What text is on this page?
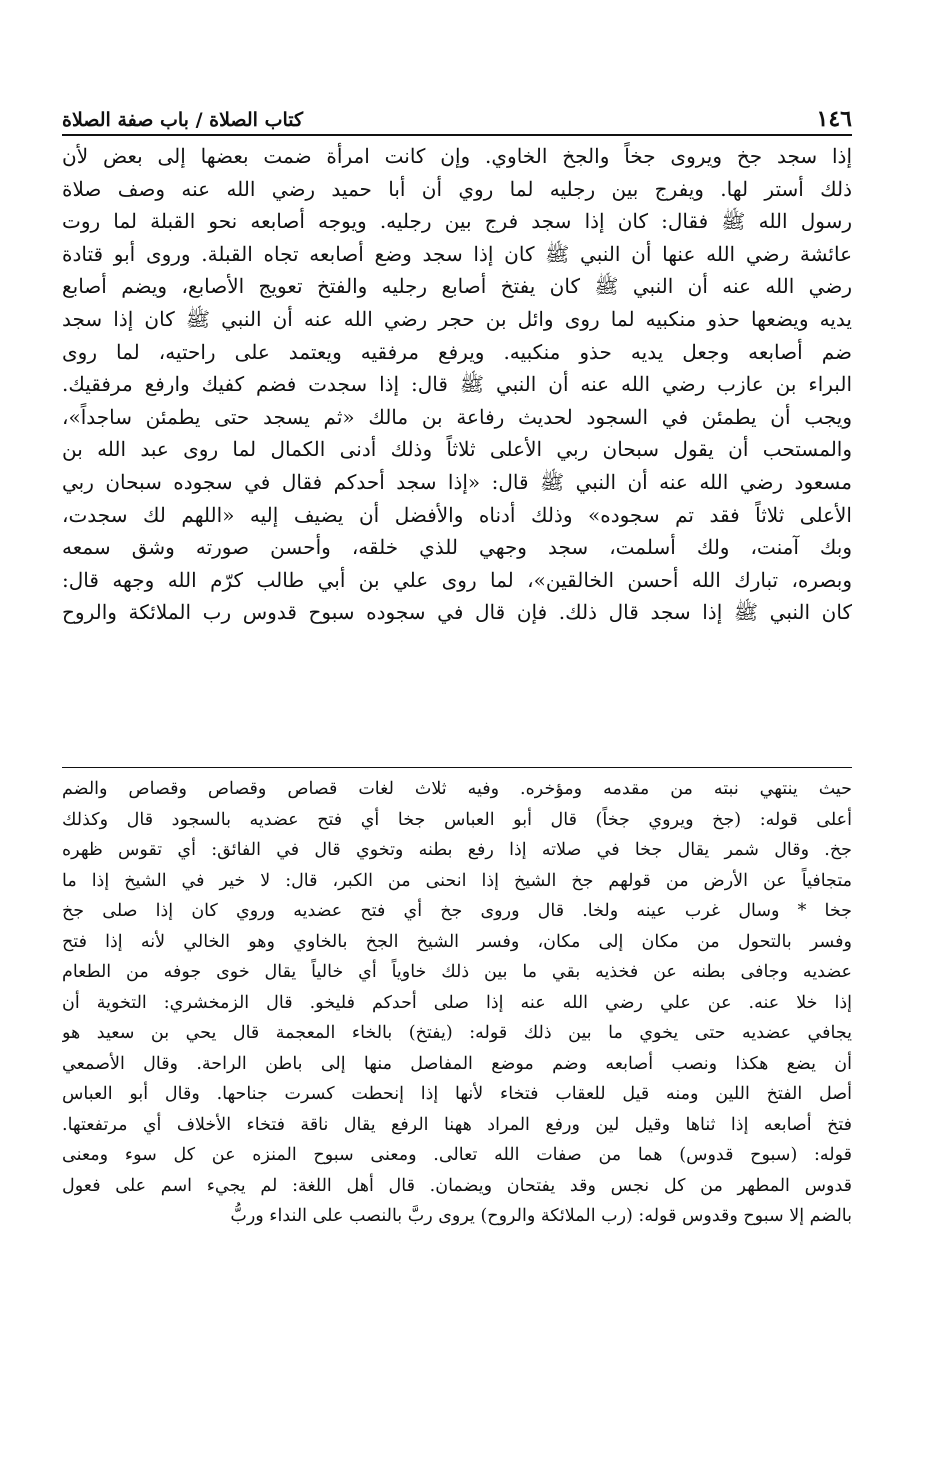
١٤٦
كتاب الصلاة / باب صفة الصلاة
إذا سجد جخ ويروى جخاً والجخ الخاوي. وإن كانت امرأة ضمت بعضها إلى بعض لأن
ذلك أستر لها. ويفرج بين رجليه لما روي أن أبا حميد رضي الله عنه وصف صلاة
رسول الله ﷺ فقال: كان إذا سجد فرج بين رجليه. ويوجه أصابعه نحو القبلة لما روت
عائشة رضي الله عنها أن النبي ﷺ كان إذا سجد وضع أصابعه تجاه القبلة. وروى أبو قتادة
رضي الله عنه أن النبي ﷺ كان يفتخ أصابع رجليه والفتخ تعويج الأصابع، ويضم أصابع
يديه ويضعها حذو منكبيه لما روى وائل بن حجر رضي الله عنه أن النبي ﷺ كان إذا سجد
ضم أصابعه وجعل يديه حذو منكبيه. ويرفع مرفقيه ويعتمد على راحتيه، لما روى
البراء بن عازب رضي الله عنه أن النبي ﷺ قال: إذا سجدت فضم كفيك وارفع مرفقيك.
ويجب أن يطمئن في السجود لحديث رفاعة بن مالك «ثم يسجد حتى يطمئن ساجداً»،
والمستحب أن يقول سبحان ربي الأعلى ثلاثاً وذلك أدنى الكمال لما روى عبد الله بن
مسعود رضي الله عنه أن النبي ﷺ قال: «إذا سجد أحدكم فقال في سجوده سبحان ربي
الأعلى ثلاثاً فقد تم سجوده» وذلك أدناه والأفضل أن يضيف إليه «اللهم لك سجدت،
وبك آمنت، ولك أسلمت، سجد وجهي للذي خلقه، وأحسن صورته وشق سمعه
وبصره، تبارك الله أحسن الخالقين»، لما روى علي بن أبي طالب كرّم الله وجهه قال:
كان النبي ﷺ إذا سجد قال ذلك. فإن قال في سجوده سبوح قدوس رب الملائكة والروح
حيث ينتهي نبته من مقدمه ومؤخره. وفيه ثلاث لغات قصاص وقصاص وقصاص والضم
أعلى قوله: (جخ ويروي جخاً) قال أبو العباس جخا أي فتح عضديه بالسجود قال وكذلك
جخ. وقال شمر يقال جخا في صلاته إذا رفع بطنه وتخوي قال في الفائق: أي تقوس ظهره
متجافياً عن الأرض من قولهم جخ الشيخ إذا انحنى من الكبر، قال: لا خير في الشيخ إذا ما
جخا * وسال غرب عينه ولخا. قال وروى جخ أي فتح عضديه وروي كان إذا صلى جخ
وفسر بالتحول من مكان إلى مكان، وفسر الشيخ الجخ بالخاوي وهو الخالي لأنه إذا فتح
عضديه وجافى بطنه عن فخذيه بقي ما بين ذلك خاوياً أي خالياً يقال خوى جوفه من الطعام
إذا خلا عنه. عن علي رضي الله عنه إذا صلى أحدكم فليخو. قال الزمخشري: التخوية أن
يجافي عضديه حتى يخوي ما بين ذلك قوله: (يفتخ) بالخاء المعجمة قال يحي بن سعيد هو
أن يضع هكذا ونصب أصابعه وضم موضع المفاصل منها إلى باطن الراحة. وقال الأصمعي
أصل الفتخ اللين ومنه قيل للعقاب فتخاء لأنها إذا إنحطت كسرت جناحها. وقال أبو العباس
فتخ أصابعه إذا ثناها وقيل لين ورفع المراد ههنا الرفع يقال ناقة فتخاء الأخلاف أي مرتفعتها.
قوله: (سبوح قدوس) هما من صفات الله تعالى. ومعنى سبوح المنزه عن كل سوء ومعنى
قدوس المطهر من كل نجس وقد يفتحان ويضمان. قال أهل اللغة: لم يجيء اسم على فعول
بالضم إلا سبوح وقدوس قوله: (رب الملائكة والروح) يروى ربَّ بالنصب على النداء وربُّ
